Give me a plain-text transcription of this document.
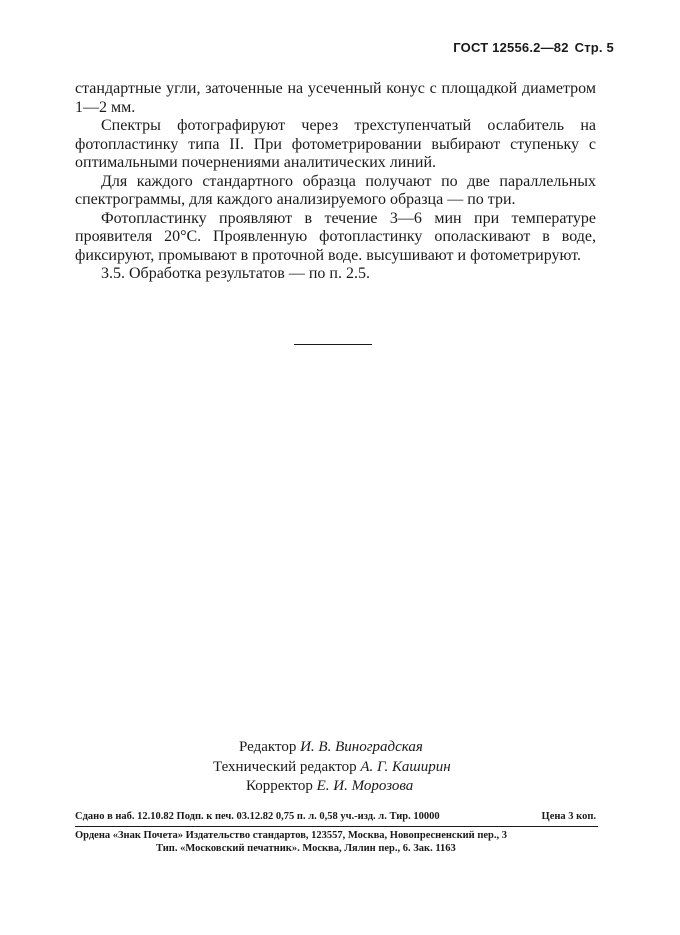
ГОСТ 12556.2—82 Стр. 5

стандартные угли, заточенные на усеченный конус с площадкой диаметром 1—2 мм.

Спектры фотографируют через трехступенчатый ослабитель на фотопластинку типа II. При фотометрировании выбирают ступеньку с оптимальными почернениями аналитических линий.

Для каждого стандартного образца получают по две параллельных спектрограммы, для каждого анализируемого образца — по три.

Фотопластинку проявляют в течение 3—6 мин при температуре проявителя 20°С. Проявленную фотопластинку ополаскивают в воде, фиксируют, промывают в проточной воде. высушивают и фотометрируют.

3.5. Обработка результатов — по п. 2.5.

Редактор И. В. Виноградская
Технический редактор А. Г. Каширин
Корректор Е. И. Морозова
Сдано в наб. 12.10.82 Подп. к печ. 03.12.82 0,75 п. л. 0,58 уч.-изд. л. Тир. 10000	Цена 3 коп.
Ордена «Знак Почета» Издательство стандартов, 123557, Москва, Новопресненский пер., 3
Тип. «Московский печатник». Москва, Лялин пер., 6. Зак. 1163
